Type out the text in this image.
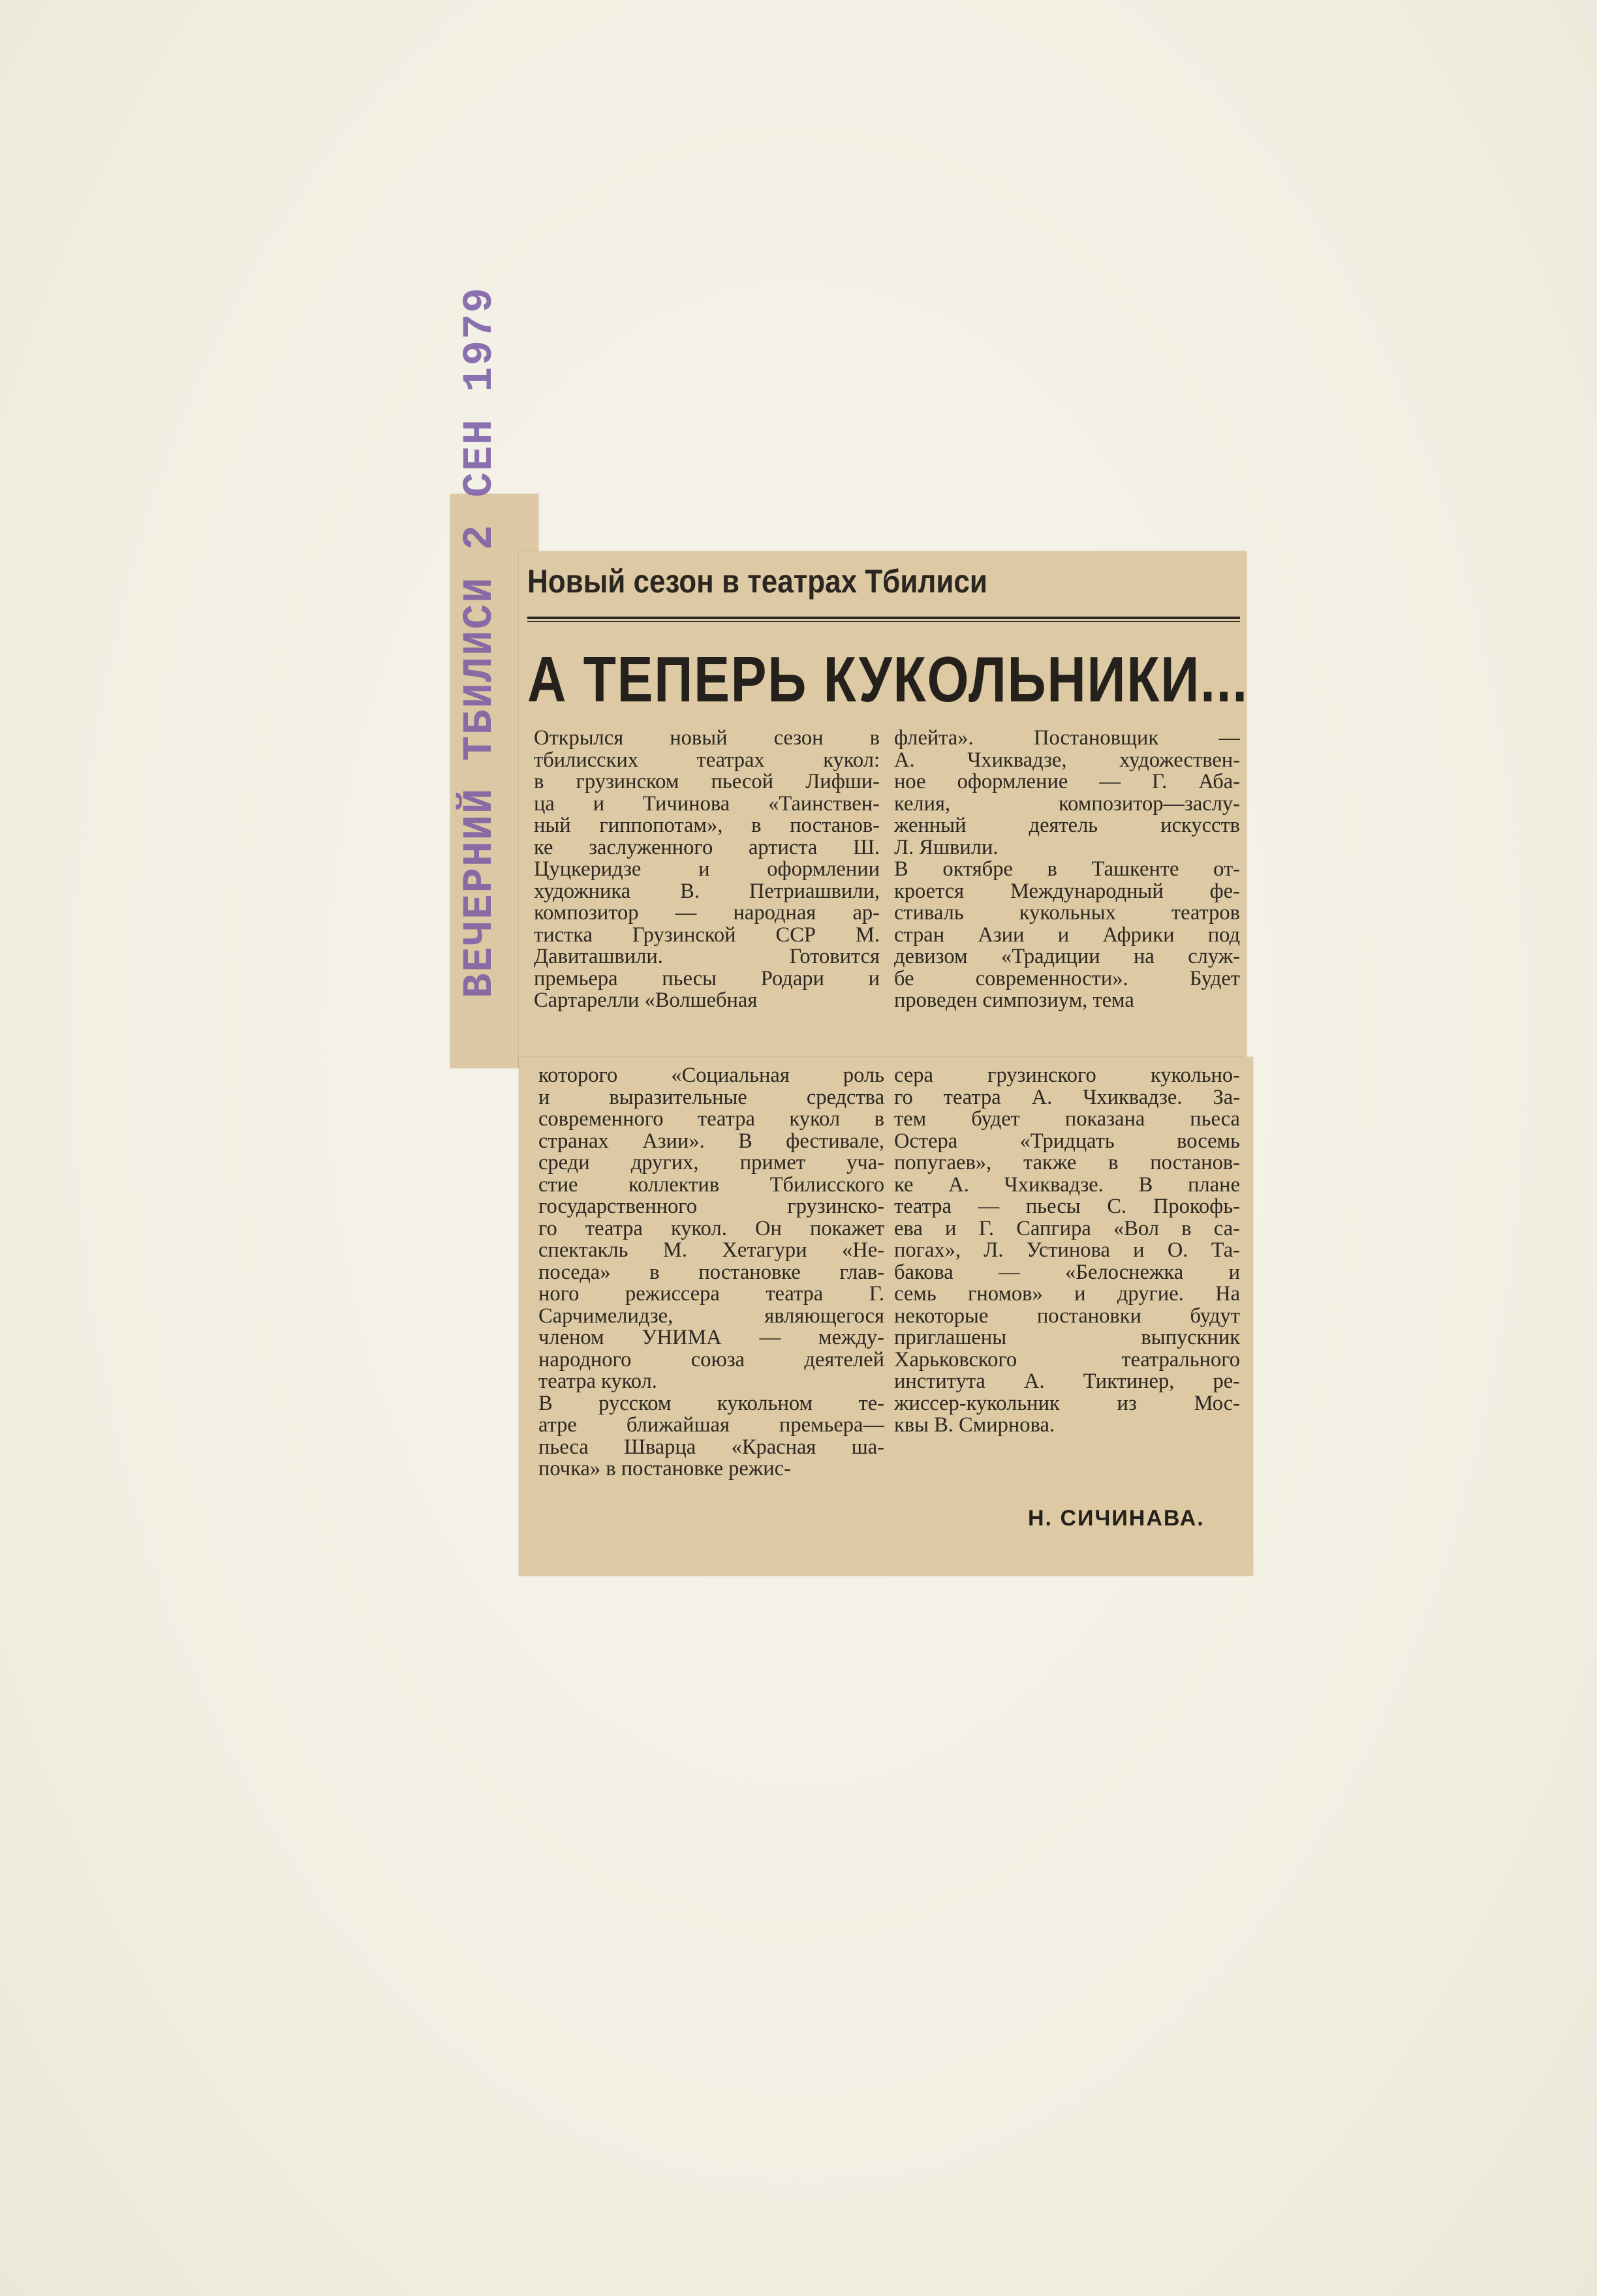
ВЕЧЕРНИЙ ТБИЛИСИ 2 СЕН 1979 Новый сезон в театрах Тбилиси
А ТЕПЕРЬ КУКОЛЬНИКИ...
Открылся новый сезон в
тбилисских театрах кукол:
в грузинском пьесой Лифши-
ца и Тичинова «Таинствен-
ный гиппопотам», в постанов-
ке заслуженного артиста Ш.
Цуцкеридзе и оформлении
художника В. Петриашвили,
композитор — народная ар-
тистка Грузинской ССР М.
Давиташвили. Готовится
премьера пьесы Родари и
Сартарелли «Волшебная
флейта». Постановщик —
А. Чхиквадзе, художествен-
ное оформление — Г. Аба-
келия, композитор—заслу-
женный деятель искусств
Л. Яшвили.
В октябре в Ташкенте от-
кроется Международный фе-
стиваль кукольных театров
стран Азии и Африки под
девизом «Традиции на служ-
бе современности». Будет
проведен симпозиум, тема
которого «Социальная роль
и выразительные средства
современного театра кукол в
странах Азии». В фестивале,
среди других, примет уча-
стие коллектив Тбилисского
государственного грузинско-
го театра кукол. Он покажет
спектакль М. Хетагури «Не-
поседа» в постановке глав-
ного режиссера театра Г.
Сарчимелидзе, являющегося
членом УНИМА — между-
народного союза деятелей
театра кукол.
В русском кукольном те-
атре ближайшая премьера—
пьеса Шварца «Красная ша-
почка» в постановке режис-
сера грузинского кукольно-
го театра А. Чхиквадзе. За-
тем будет показана пьеса
Остера «Тридцать восемь
попугаев», также в постанов-
ке А. Чхиквадзе. В плане
театра — пьесы С. Прокофь-
ева и Г. Сапгира «Вол в са-
погах», Л. Устинова и О. Та-
бакова — «Белоснежка и
семь гномов» и другие. На
некоторые постановки будут
приглашены выпускник
Харьковского театрального
института А. Тиктинер, ре-
жиссер-кукольник из Мос-
квы В. Смирнова.
Н. СИЧИНАВА.
